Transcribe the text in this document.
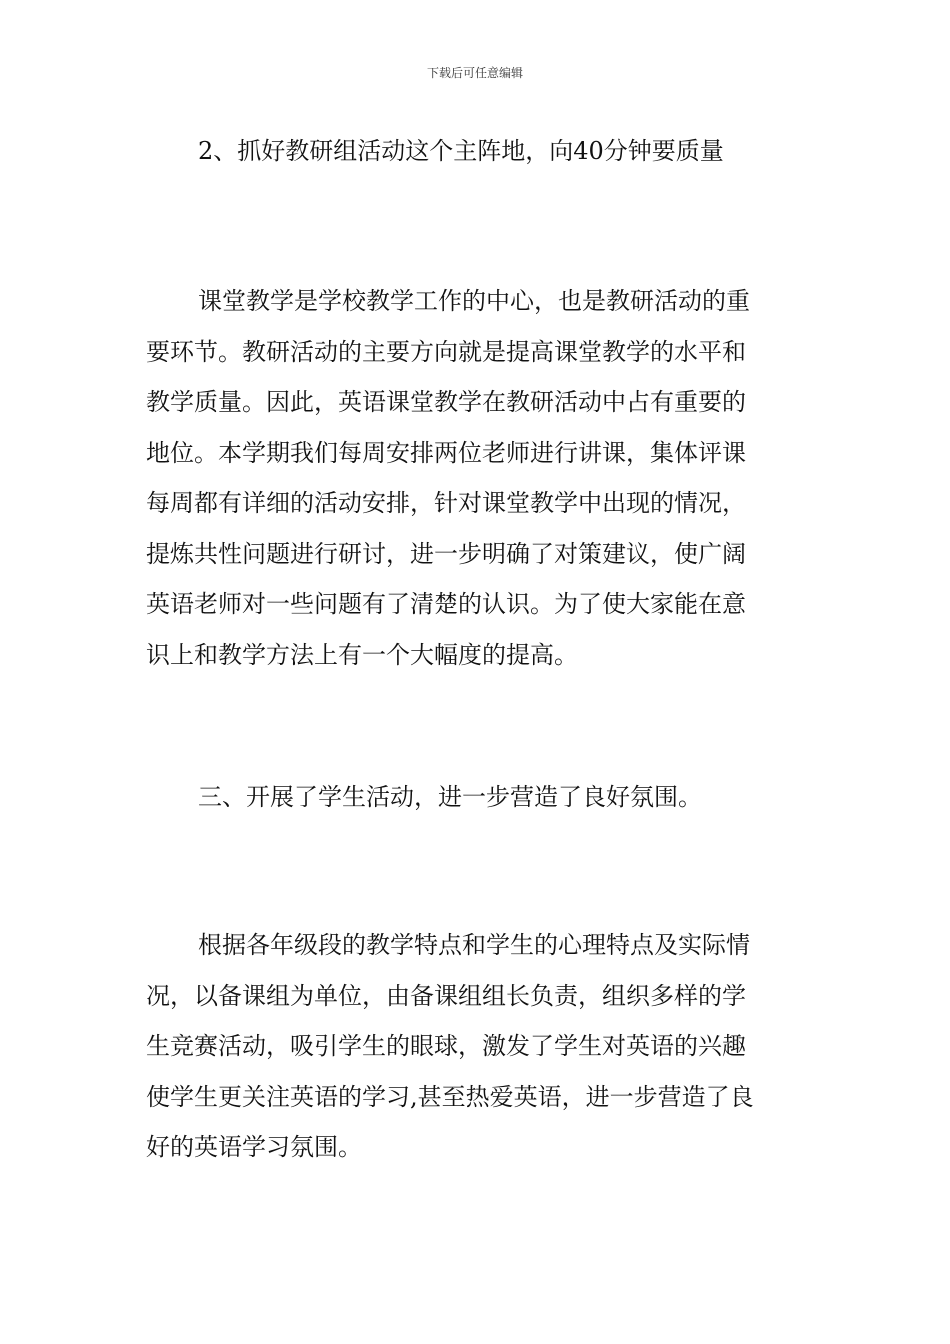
下载后可任意编辑
2、抓好教研组活动这个主阵地，向40分钟要质量
课堂教学是学校教学工作的中心，也是教研活动的重
要环节。教研活动的主要方向就是提高课堂教学的水平和
教学质量。因此，英语课堂教学在教研活动中占有重要的
地位。本学期我们每周安排两位老师进行讲课，集体评课
每周都有详细的活动安排，针对课堂教学中出现的情况，
提炼共性问题进行研讨，进一步明确了对策建议，使广阔
英语老师对一些问题有了清楚的认识。为了使大家能在意
识上和教学方法上有一个大幅度的提高。
三、开展了学生活动，进一步营造了良好氛围。
根据各年级段的教学特点和学生的心理特点及实际情
况，以备课组为单位，由备课组组长负责，组织多样的学
生竞赛活动，吸引学生的眼球，激发了学生对英语的兴趣
使学生更关注英语的学习,甚至热爱英语，进一步营造了良
好的英语学习氛围。
